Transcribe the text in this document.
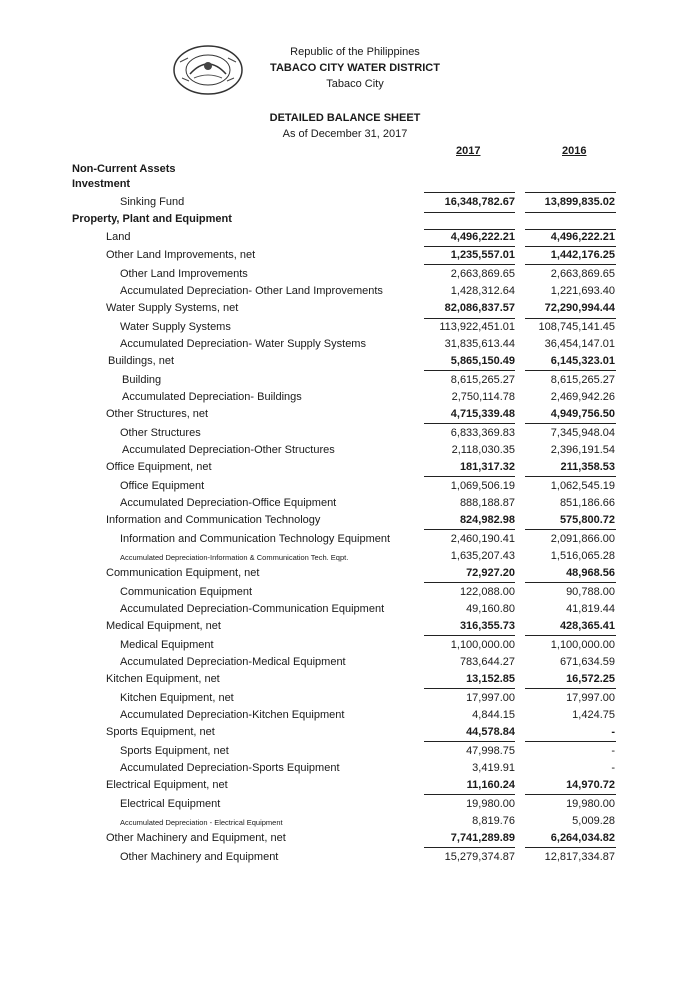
Republic of the Philippines
TABACO CITY WATER DISTRICT
Tabaco City
DETAILED BALANCE SHEET
As of December 31, 2017
2017	2016
Non-Current Assets
Investment
Sinking Fund	16,348,782.67	13,899,835.02
Property, Plant and Equipment
Land	4,496,222.21	4,496,222.21
Other Land Improvements, net	1,235,557.01	1,442,176.25
Other Land Improvements	2,663,869.65	2,663,869.65
Accumulated Depreciation- Other Land Improvements	1,428,312.64	1,221,693.40
Water Supply Systems, net	82,086,837.57	72,290,994.44
Water Supply Systems	113,922,451.01	108,745,141.45
Accumulated Depreciation- Water Supply Systems	31,835,613.44	36,454,147.01
Buildings, net	5,865,150.49	6,145,323.01
Building	8,615,265.27	8,615,265.27
Accumulated Depreciation- Buildings	2,750,114.78	2,469,942.26
Other Structures, net	4,715,339.48	4,949,756.50
Other Structures	6,833,369.83	7,345,948.04
Accumulated Depreciation-Other Structures	2,118,030.35	2,396,191.54
Office Equipment, net	181,317.32	211,358.53
Office Equipment	1,069,506.19	1,062,545.19
Accumulated Depreciation-Office Equipment	888,188.87	851,186.66
Information and Communication Technology	824,982.98	575,800.72
Information and Communication Technology Equipment	2,460,190.41	2,091,866.00
Accumulated Depreciation-Information & Communication Tech. Eqpt.	1,635,207.43	1,516,065.28
Communication Equipment, net	72,927.20	48,968.56
Communication Equipment	122,088.00	90,788.00
Accumulated Depreciation-Communication Equipment	49,160.80	41,819.44
Medical Equipment, net	316,355.73	428,365.41
Medical Equipment	1,100,000.00	1,100,000.00
Accumulated Depreciation-Medical Equipment	783,644.27	671,634.59
Kitchen Equipment, net	13,152.85	16,572.25
Kitchen Equipment, net	17,997.00	17,997.00
Accumulated Depreciation-Kitchen Equipment	4,844.15	1,424.75
Sports Equipment, net	44,578.84	-
Sports Equipment, net	47,998.75	-
Accumulated Depreciation-Sports Equipment	3,419.91	-
Electrical Equipment, net	11,160.24	14,970.72
Electrical Equipment	19,980.00	19,980.00
Accumulated Depreciation - Electrical Equipment	8,819.76	5,009.28
Other Machinery and Equipment, net	7,741,289.89	6,264,034.82
Other Machinery and Equipment	15,279,374.87	12,817,334.87
